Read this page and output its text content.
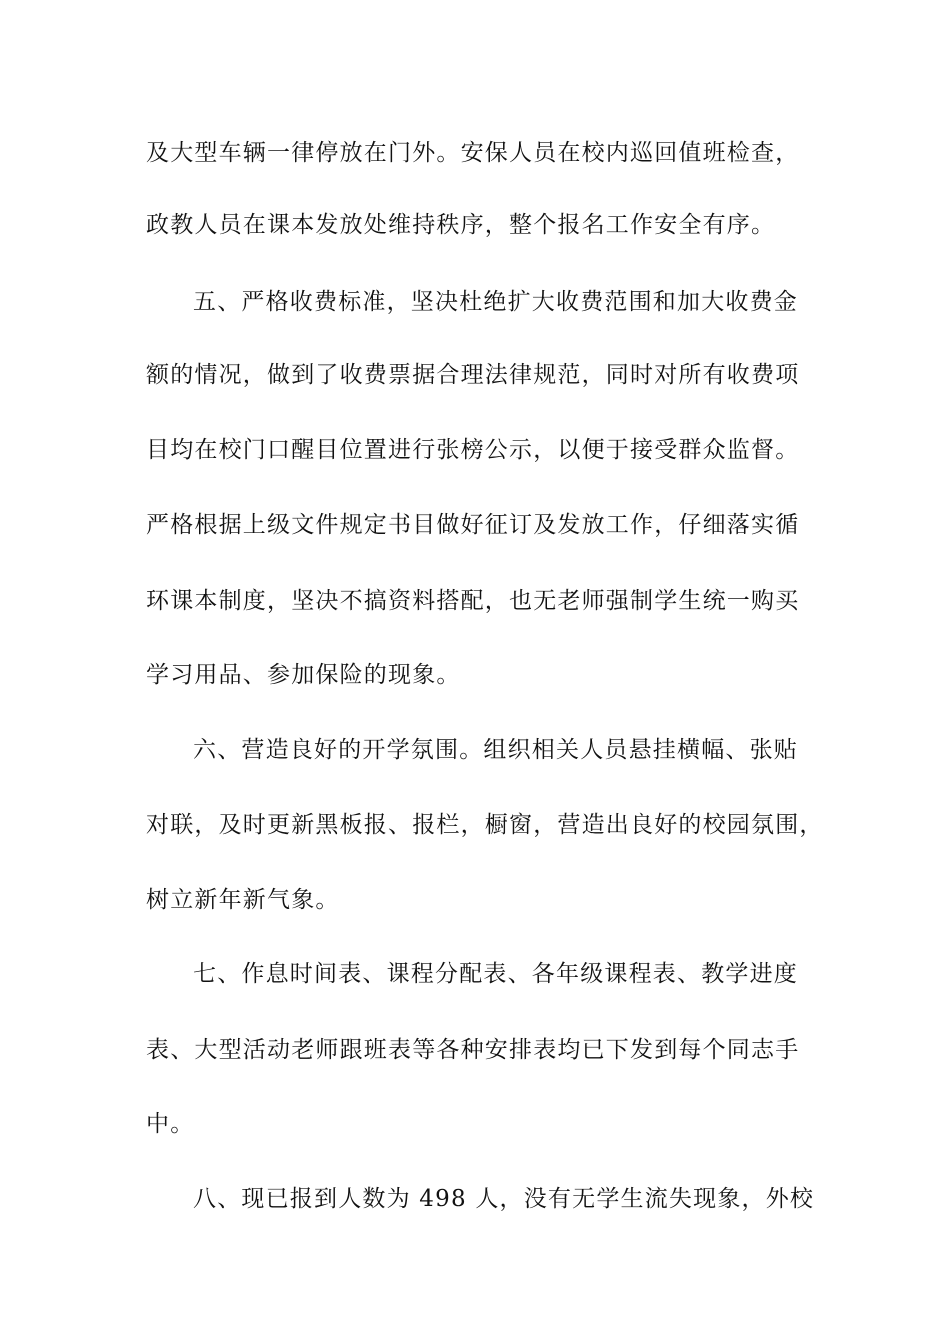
及大型车辆一律停放在门外。安保人员在校内巡回值班检查，
政教人员在课本发放处维持秩序，整个报名工作安全有序。
五、严格收费标准，坚决杜绝扩大收费范围和加大收费金
额的情况，做到了收费票据合理法律规范，同时对所有收费项
目均在校门口醒目位置进行张榜公示，以便于接受群众监督。
严格根据上级文件规定书目做好征订及发放工作，仔细落实循
环课本制度，坚决不搞资料搭配，也无老师强制学生统一购买
学习用品、参加保险的现象。
六、营造良好的开学氛围。组织相关人员悬挂横幅、张贴
对联，及时更新黑板报、报栏，橱窗，营造出良好的校园氛围，
树立新年新气象。
七、作息时间表、课程分配表、各年级课程表、教学进度
表、大型活动老师跟班表等各种安排表均已下发到每个同志手
中。
八、现已报到人数为 498 人，没有无学生流失现象，外校
